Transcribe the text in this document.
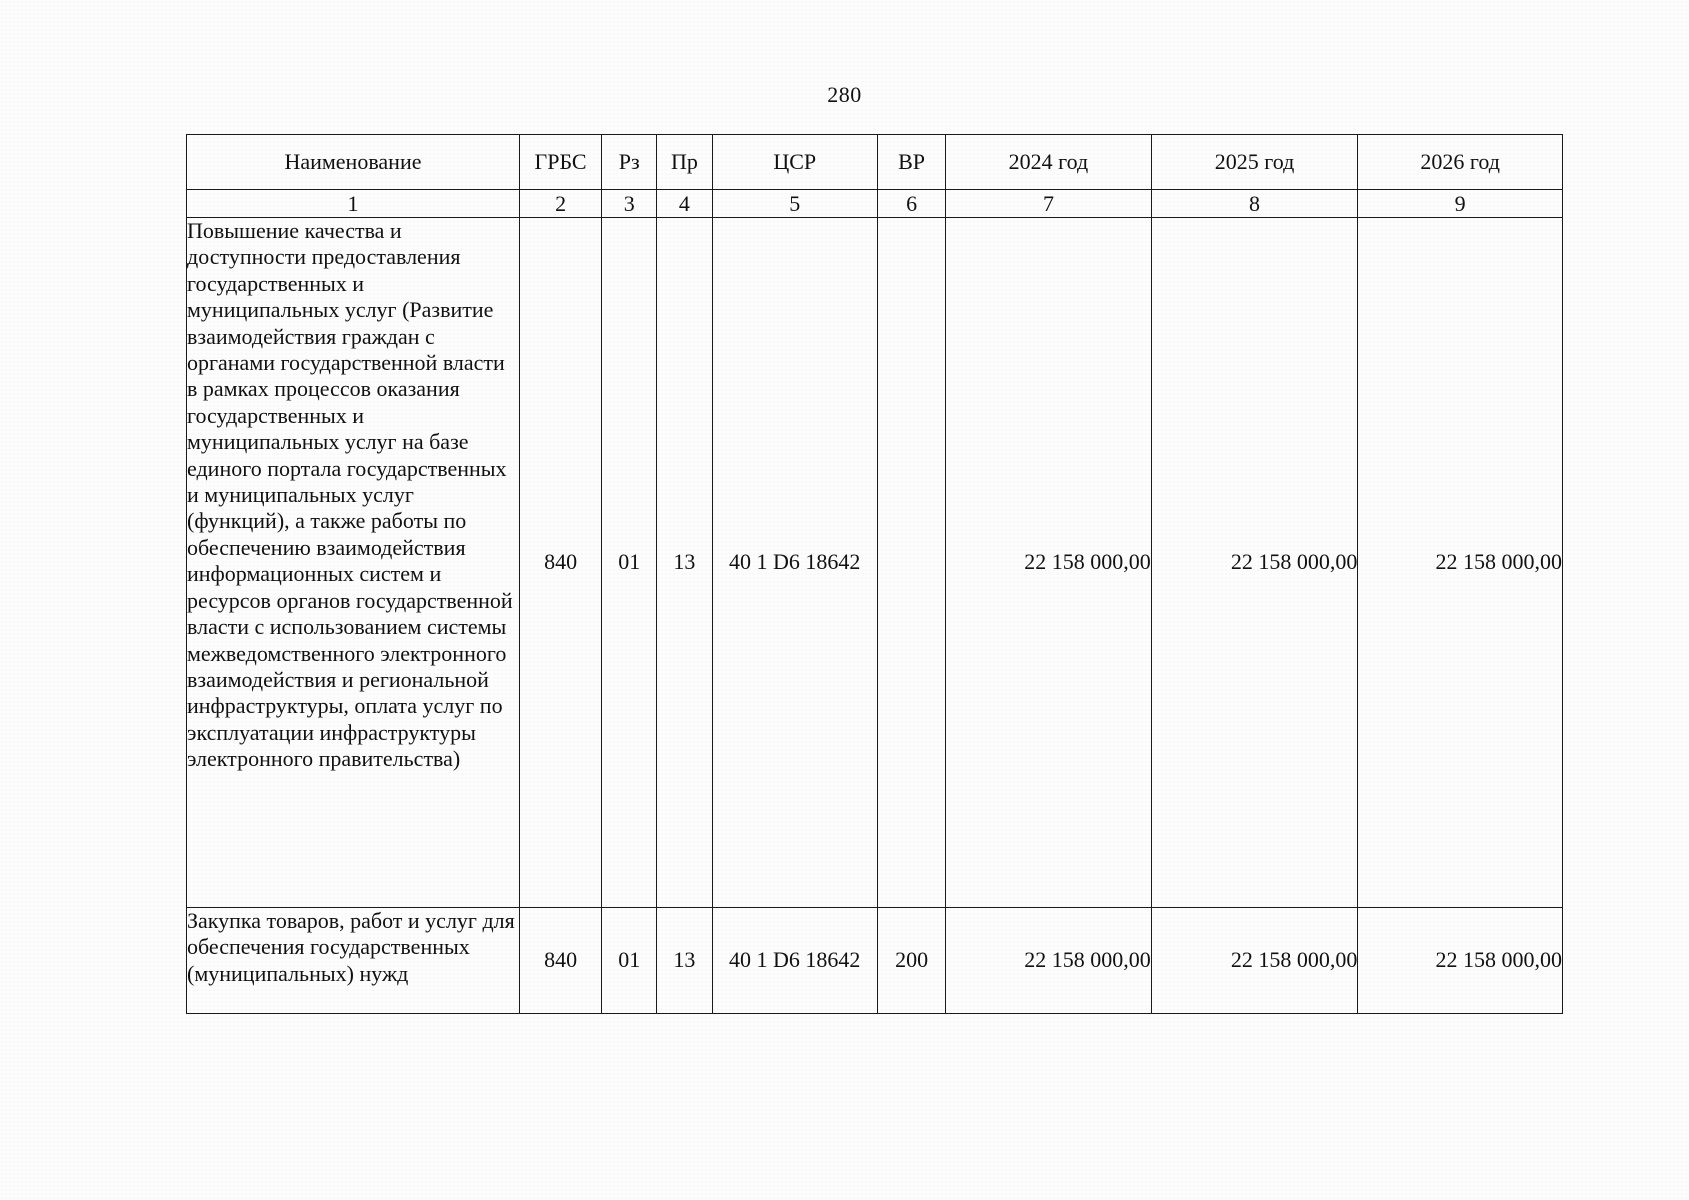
280
Наименование	ГРБС	Рз	Пр	ЦСР	ВР	2024 год	2025 год	2026 год
1	2	3	4	5	6	7	8	9
Повышение качества и доступности предоставления государственных и муниципальных услуг (Развитие взаимодействия граждан с органами государственной власти в рамках процессов оказания государственных и муниципальных услуг на базе единого портала государственных и муниципальных услуг (функций), а также работы по обеспечению взаимодействия информационных систем и ресурсов органов государственной власти с использованием системы межведомственного электронного взаимодействия и региональной инфраструктуры, оплата услуг по эксплуатации инфраструктуры электронного правительства)	840	01	13	40 1 D6 18642		22 158 000,00	22 158 000,00	22 158 000,00
Закупка товаров, работ и услуг для обеспечения государственных (муниципальных) нужд	840	01	13	40 1 D6 18642	200	22 158 000,00	22 158 000,00	22 158 000,00
